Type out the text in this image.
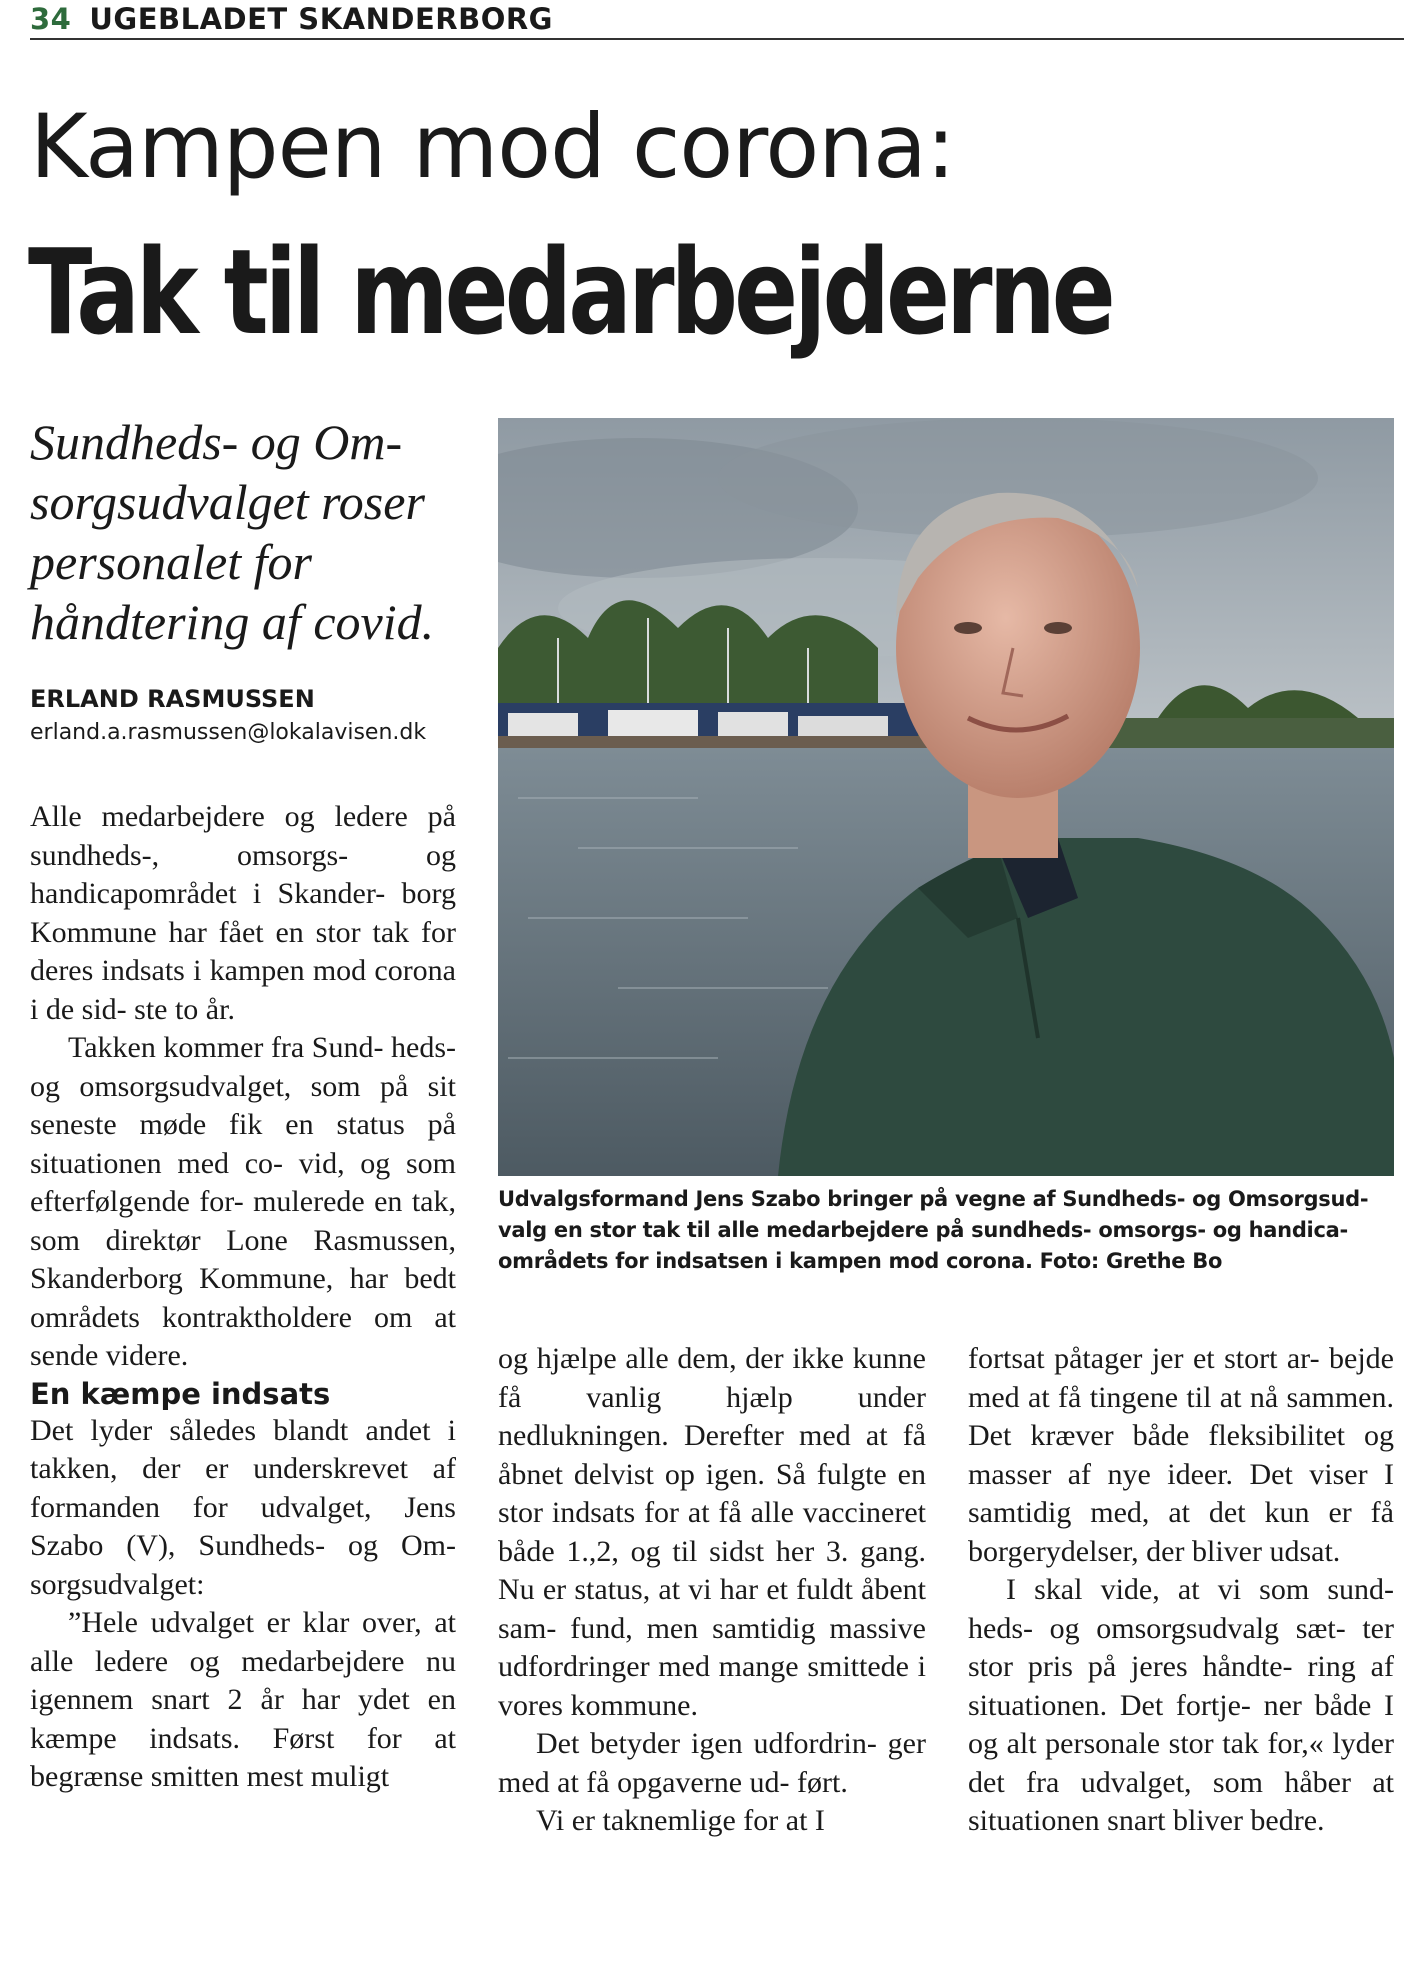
34 UGEBLADET SKANDERBORG
Kampen mod corona:
Tak til medarbejderne
Sundheds- og Om- sorgsudvalget roser personalet for håndtering af covid.
ERLAND RASMUSSEN
erland.a.rasmussen@lokalavisen.dk
Udvalgsformand Jens Szabo bringer på vegne af Sundheds- og Omsorgsud- valg en stor tak til alle medarbejdere på sundheds- omsorgs- og handica- områdets for indsatsen i kampen mod corona. Foto: Grethe Bo

Alle medarbejdere og ledere på sundheds-, omsorgs- og handicapområdet i Skander- borg Kommune har fået en stor tak for deres indsats i kampen mod corona i de sid- ste to år.

Takken kommer fra Sund- heds- og omsorgsudvalget, som på sit seneste møde fik en status på situationen med co- vid, og som efterfølgende for- mulerede en tak, som direktør Lone Rasmussen, Skanderborg Kommune, har bedt områdets kontraktholdere om at sende videre.

En kæmpe indsats

Det lyder således blandt andet i takken, der er underskrevet af formanden for udvalget, Jens Szabo (V), Sundheds- og Om- sorgsudvalget:

”Hele udvalget er klar over, at alle ledere og medarbejdere nu igennem snart 2 år har ydet en kæmpe indsats. Først for at begrænse smitten mest muligt

og hjælpe alle dem, der ikke kunne få vanlig hjælp under nedlukningen. Derefter med at få åbnet delvist op igen. Så fulgte en stor indsats for at få alle vaccineret både 1.,2, og til sidst her 3. gang. Nu er status, at vi har et fuldt åbent sam- fund, men samtidig massive udfordringer med mange smittede i vores kommune.

Det betyder igen udfordrin- ger med at få opgaverne ud- ført.

Vi er taknemlige for at I

fortsat påtager jer et stort ar- bejde med at få tingene til at nå sammen. Det kræver både fleksibilitet og masser af nye ideer. Det viser I samtidig med, at det kun er få borgerydelser, der bliver udsat.

I skal vide, at vi som sund- heds- og omsorgsudvalg sæt- ter stor pris på jeres håndte- ring af situationen. Det fortje- ner både I og alt personale stor tak for,« lyder det fra udvalget, som håber at situationen snart bliver bedre.
